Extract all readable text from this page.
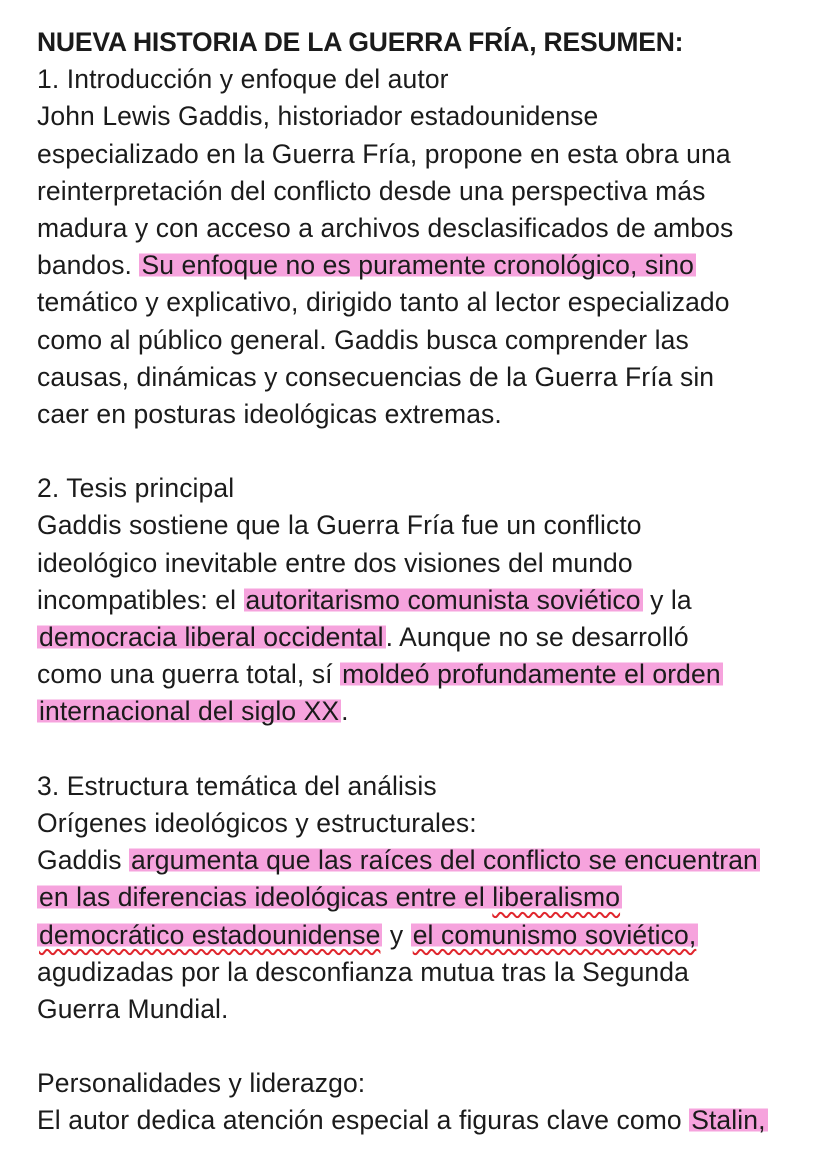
NUEVA HISTORIA DE LA GUERRA FRÍA, RESUMEN:
1. Introducción y enfoque del autor
John Lewis Gaddis, historiador estadounidense
especializado en la Guerra Fría, propone en esta obra una
reinterpretación del conflicto desde una perspectiva más
madura y con acceso a archivos desclasificados de ambos
bandos. Su enfoque no es puramente cronológico, sino
temático y explicativo, dirigido tanto al lector especializado
como al público general. Gaddis busca comprender las
causas, dinámicas y consecuencias de la Guerra Fría sin
caer en posturas ideológicas extremas.
2. Tesis principal
Gaddis sostiene que la Guerra Fría fue un conflicto
ideológico inevitable entre dos visiones del mundo
incompatibles: el autoritarismo comunista soviético y la
democracia liberal occidental. Aunque no se desarrolló
como una guerra total, sí moldeó profundamente el orden
internacional del siglo XX.
3. Estructura temática del análisis
Orígenes ideológicos y estructurales:
Gaddis argumenta que las raíces del conflicto se encuentran
en las diferencias ideológicas entre el liberalismo
democrático estadounidense y el comunismo soviético,
agudizadas por la desconfianza mutua tras la Segunda
Guerra Mundial.
Personalidades y liderazgo:
El autor dedica atención especial a figuras clave como Stalin,
